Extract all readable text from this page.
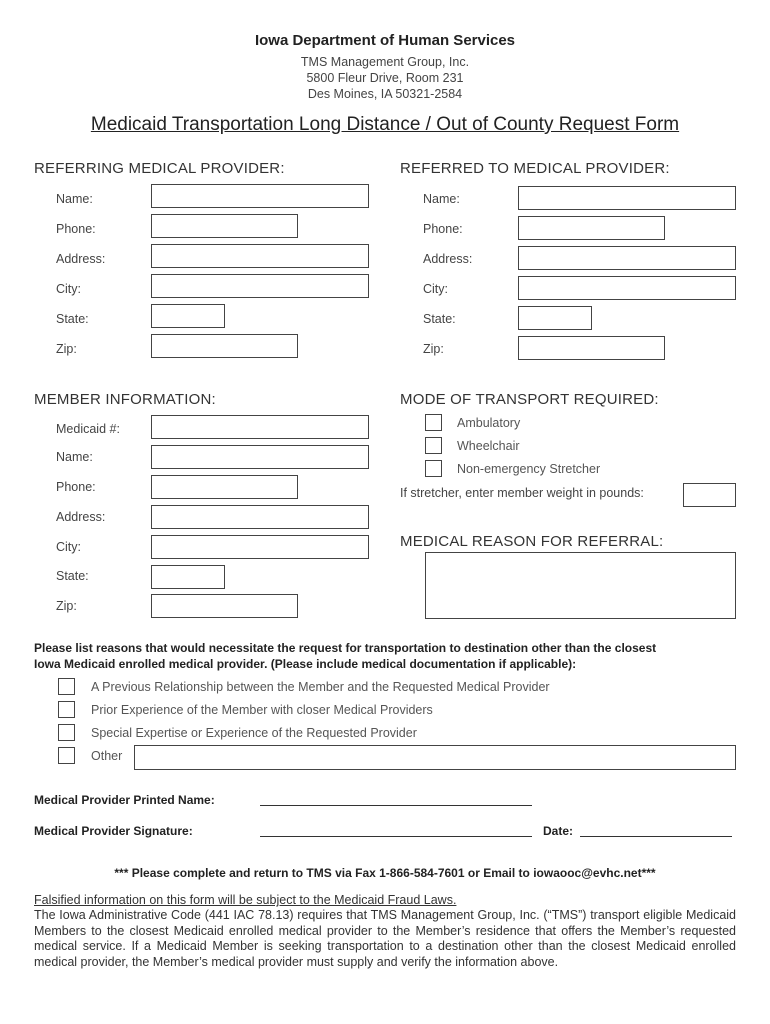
Iowa Department of Human Services
TMS Management Group, Inc.
5800 Fleur Drive, Room 231
Des Moines, IA 50321-2584
Medicaid Transportation Long Distance / Out of County Request Form
REFERRING MEDICAL PROVIDER:
Name:
Phone:
Address:
City:
State:
Zip:
REFERRED TO MEDICAL PROVIDER:
Name:
Phone:
Address:
City:
State:
Zip:
MEMBER INFORMATION:
Medicaid #:
Name:
Phone:
Address:
City:
State:
Zip:
MODE OF TRANSPORT REQUIRED:
Ambulatory
Wheelchair
Non-emergency Stretcher
If stretcher, enter member weight in pounds:
MEDICAL REASON FOR REFERRAL:
Please list reasons that would necessitate the request for transportation to destination other than the closest
Iowa Medicaid enrolled medical provider. (Please include medical documentation if applicable):
A Previous Relationship between the Member and the Requested Medical Provider
Prior Experience of the Member with closer Medical Providers
Special Expertise or Experience of the Requested Provider
Other
Medical Provider Printed Name:
Medical Provider Signature:	Date:
*** Please complete and return to TMS via Fax 1-866-584-7601 or Email to iowaooc@evhc.net***
Falsified information on this form will be subject to the Medicaid Fraud Laws.
The Iowa Administrative Code (441 IAC 78.13) requires that TMS Management Group, Inc. (“TMS”) transport eligible Medicaid Members to the closest Medicaid enrolled medical provider to the Member’s residence that offers the Member’s requested medical service. If a Medicaid Member is seeking transportation to a destination other than the closest Medicaid enrolled medical provider, the Member’s medical provider must supply and verify the information above.
